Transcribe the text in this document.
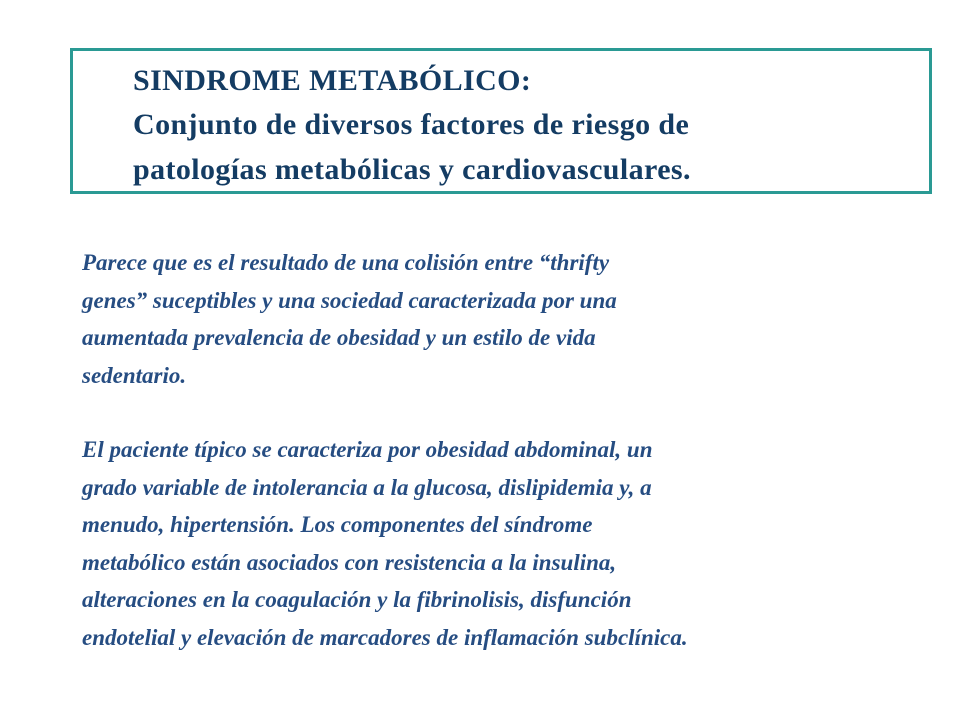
SINDROME METABÓLICO:

Conjunto de diversos factores de riesgo de

patologías metabólicas y cardiovasculares.

Parece que es el resultado de una colisión entre “thrifty
genes” suceptibles y una sociedad caracterizada por una
aumentada prevalencia de obesidad y un estilo de vida
sedentario.

El paciente típico se caracteriza por obesidad abdominal, un
grado variable de intolerancia a la glucosa, dislipidemia y, a
menudo, hipertensión. Los componentes del síndrome
metabólico están asociados con resistencia a la insulina,
alteraciones en la coagulación y la fibrinolisis, disfunción
endotelial y elevación de marcadores de inflamación subclínica.
